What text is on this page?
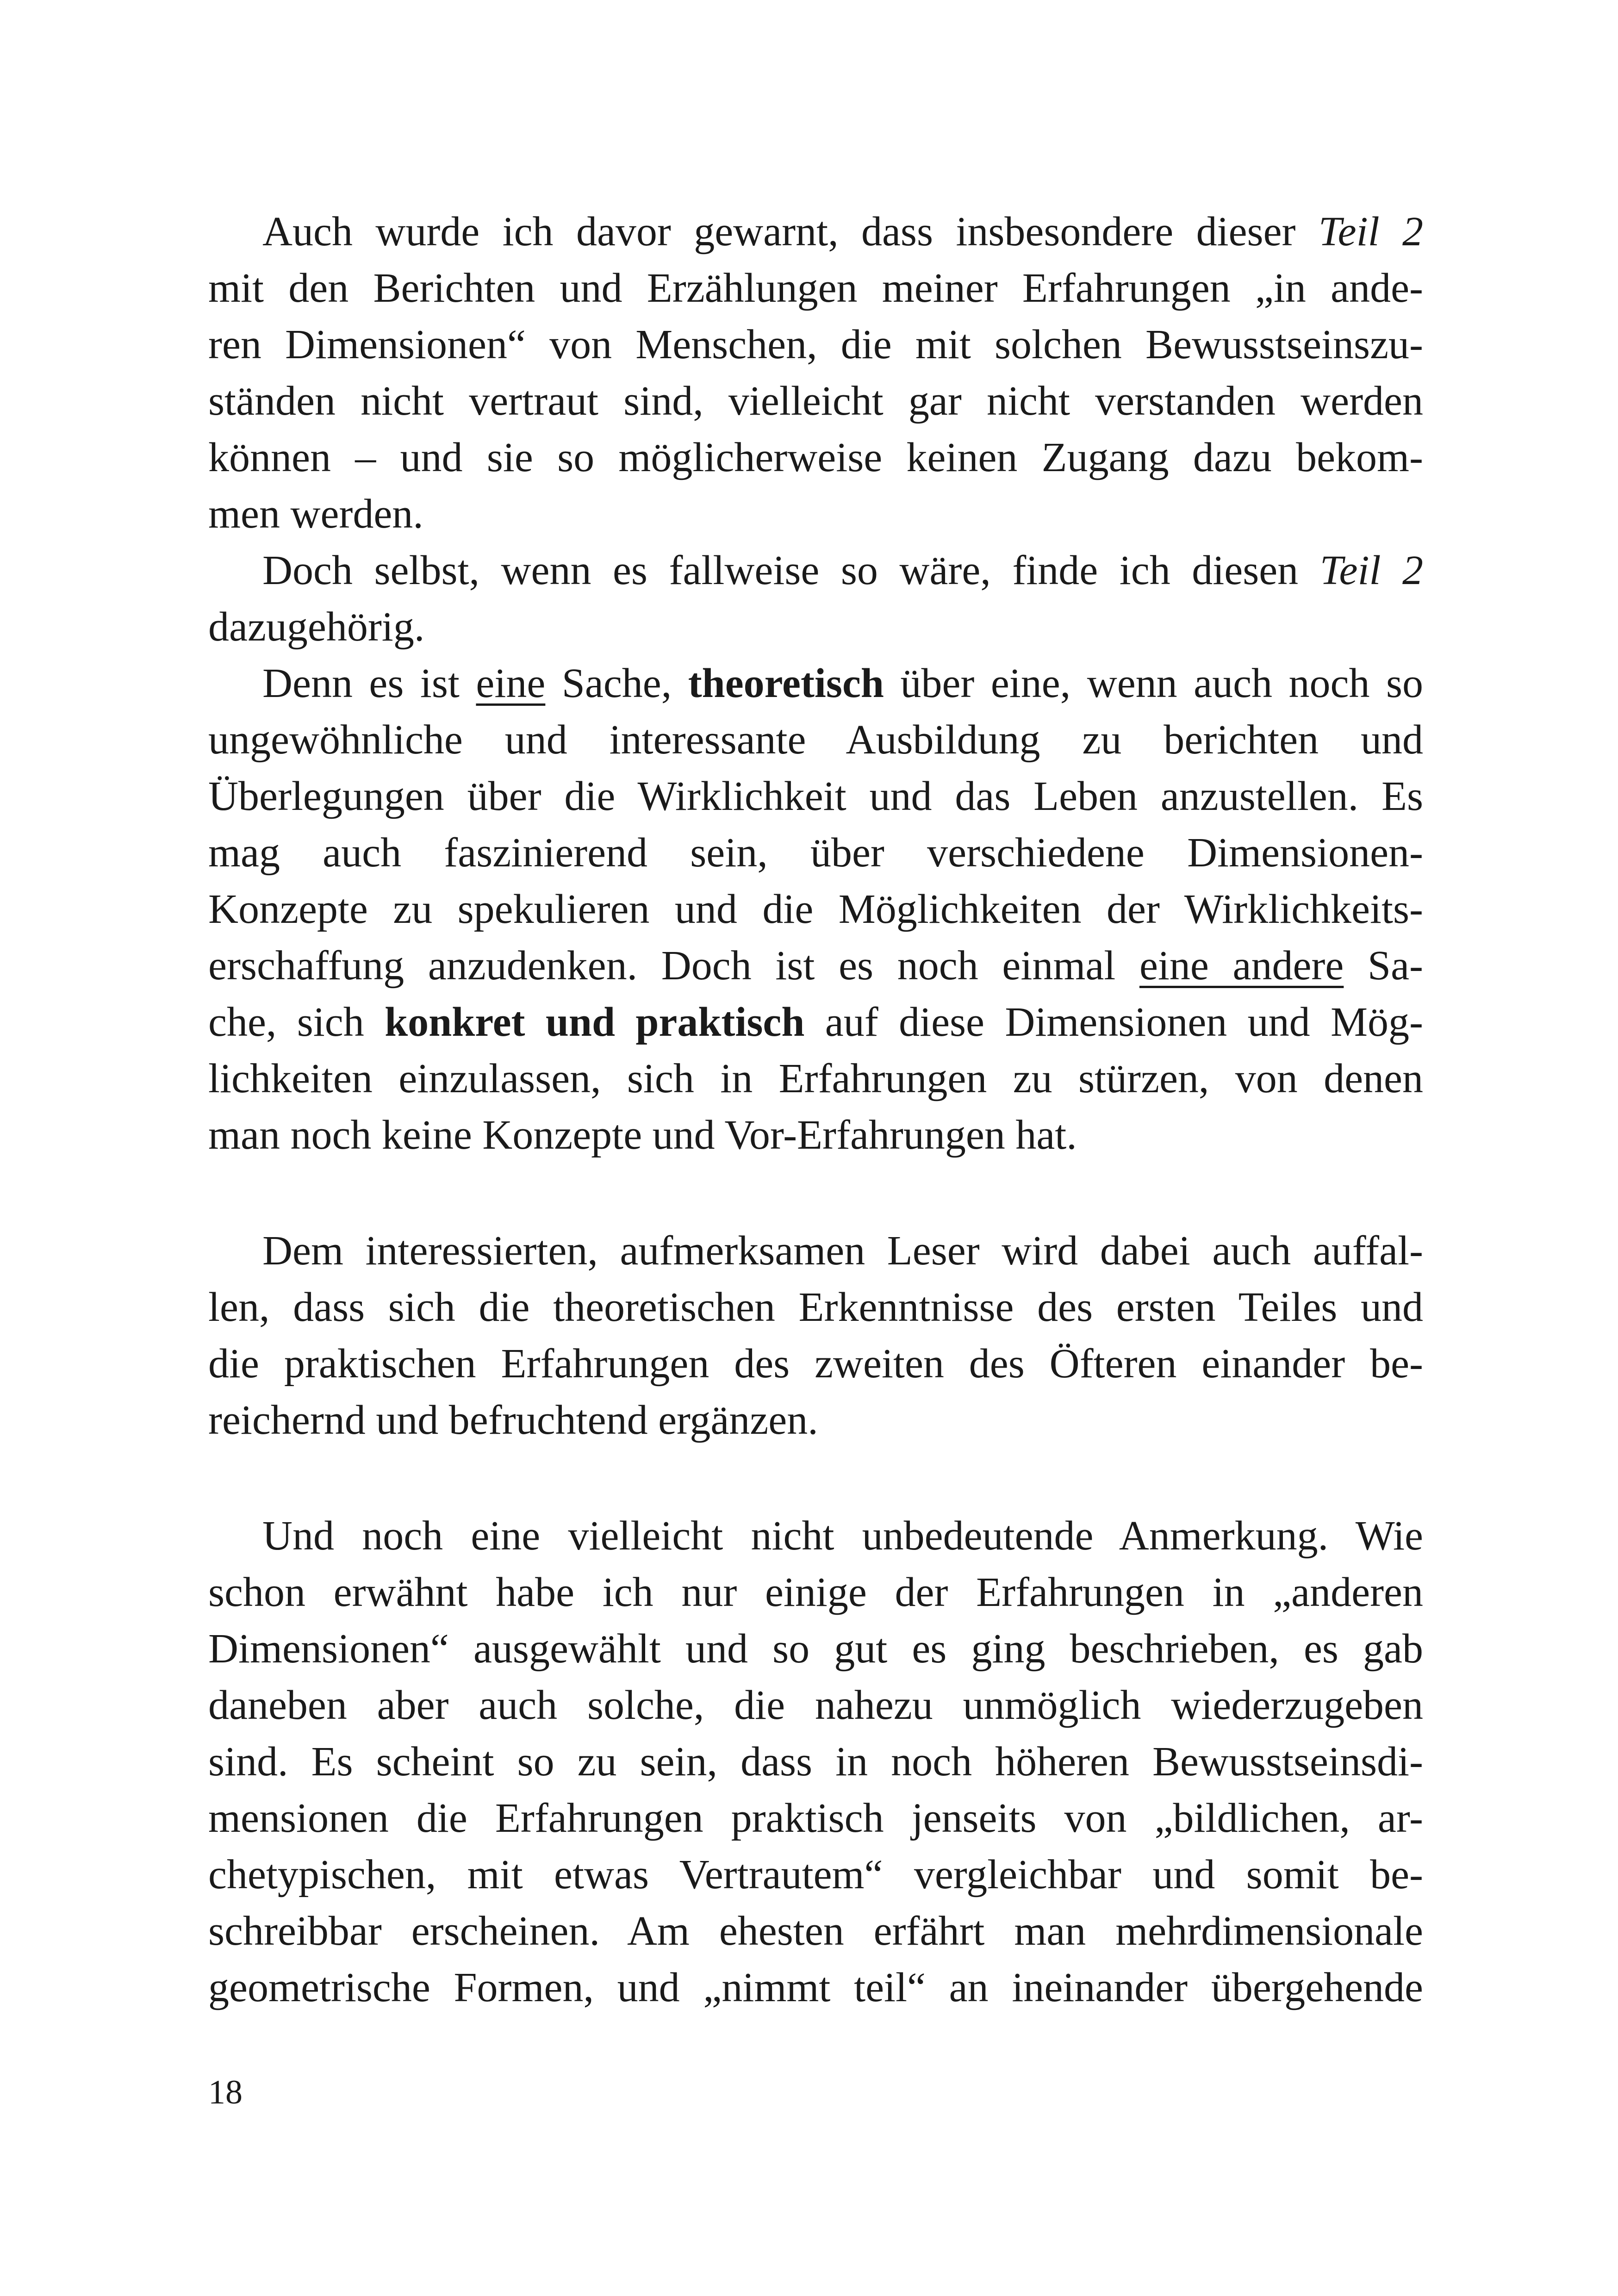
Auch wurde ich davor gewarnt, dass insbesondere dieser Teil 2
mit den Berichten und Erzählungen meiner Erfahrungen „in ande-
ren Dimensionen“ von Menschen, die mit solchen Bewusstseinszu-
ständen nicht vertraut sind, vielleicht gar nicht verstanden werden
können – und sie so möglicherweise keinen Zugang dazu bekom-
men werden.
Doch selbst, wenn es fallweise so wäre, finde ich diesen Teil 2
dazugehörig.
Denn es ist eine Sache, theoretisch über eine, wenn auch noch so
ungewöhnliche und interessante Ausbildung zu berichten und
Überlegungen über die Wirklichkeit und das Leben anzustellen. Es
mag auch faszinierend sein, über verschiedene Dimensionen-
Konzepte zu spekulieren und die Möglichkeiten der Wirklichkeits-
erschaffung anzudenken. Doch ist es noch einmal eine andere Sa-
che, sich konkret und praktisch auf diese Dimensionen und Mög-
lichkeiten einzulassen, sich in Erfahrungen zu stürzen, von denen
man noch keine Konzepte und Vor-Erfahrungen hat.
Dem interessierten, aufmerksamen Leser wird dabei auch auffal-
len, dass sich die theoretischen Erkenntnisse des ersten Teiles und
die praktischen Erfahrungen des zweiten des Öfteren einander be-
reichernd und befruchtend ergänzen.
Und noch eine vielleicht nicht unbedeutende Anmerkung. Wie
schon erwähnt habe ich nur einige der Erfahrungen in „anderen
Dimensionen“ ausgewählt und so gut es ging beschrieben, es gab
daneben aber auch solche, die nahezu unmöglich wiederzugeben
sind. Es scheint so zu sein, dass in noch höheren Bewusstseinsdi-
mensionen die Erfahrungen praktisch jenseits von „bildlichen, ar-
chetypischen, mit etwas Vertrautem“ vergleichbar und somit be-
schreibbar erscheinen. Am ehesten erfährt man mehrdimensionale
geometrische Formen, und „nimmt teil“ an ineinander übergehende
18
